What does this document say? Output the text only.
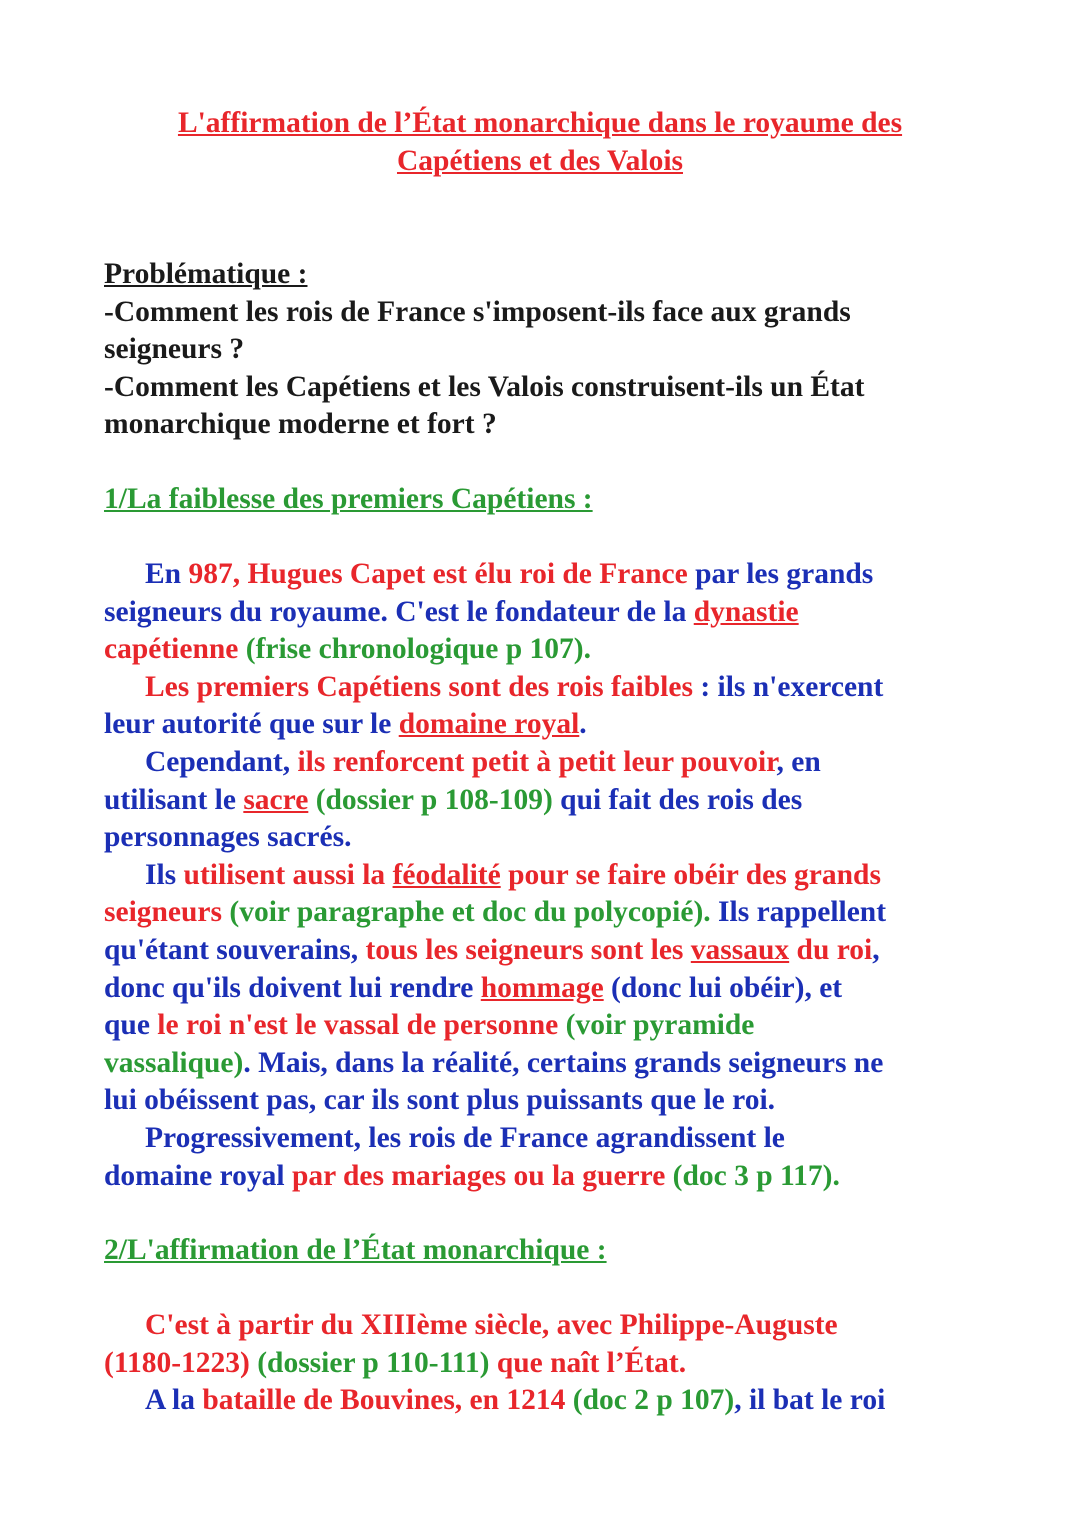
L'affirmation de l’État monarchique dans le royaume des
Capétiens et des Valois
Problématique :
-Comment les rois de France s'imposent-ils face aux grands
seigneurs ?
-Comment les Capétiens et les Valois construisent-ils un État
monarchique moderne et fort ?
1/La faiblesse des premiers Capétiens :
En 987, Hugues Capet est élu roi de France par les grands
seigneurs du royaume. C'est le fondateur de la dynastie
capétienne (frise chronologique p 107).
Les premiers Capétiens sont des rois faibles : ils n'exercent
leur autorité que sur le domaine royal.
Cependant, ils renforcent petit à petit leur pouvoir, en
utilisant le sacre (dossier p 108-109) qui fait des rois des
personnages sacrés.
Ils utilisent aussi la féodalité pour se faire obéir des grands
seigneurs (voir paragraphe et doc du polycopié). Ils rappellent
qu'étant souverains, tous les seigneurs sont les vassaux du roi,
donc qu'ils doivent lui rendre hommage (donc lui obéir), et
que le roi n'est le vassal de personne (voir pyramide
vassalique). Mais, dans la réalité, certains grands seigneurs ne
lui obéissent pas, car ils sont plus puissants que le roi.
Progressivement, les rois de France agrandissent le
domaine royal par des mariages ou la guerre (doc 3 p 117).
2/L'affirmation de l’État monarchique :
C'est à partir du XIIIème siècle, avec Philippe-Auguste
(1180-1223) (dossier p 110-111) que naît l’État.
A la bataille de Bouvines, en 1214 (doc 2 p 107), il bat le roi
